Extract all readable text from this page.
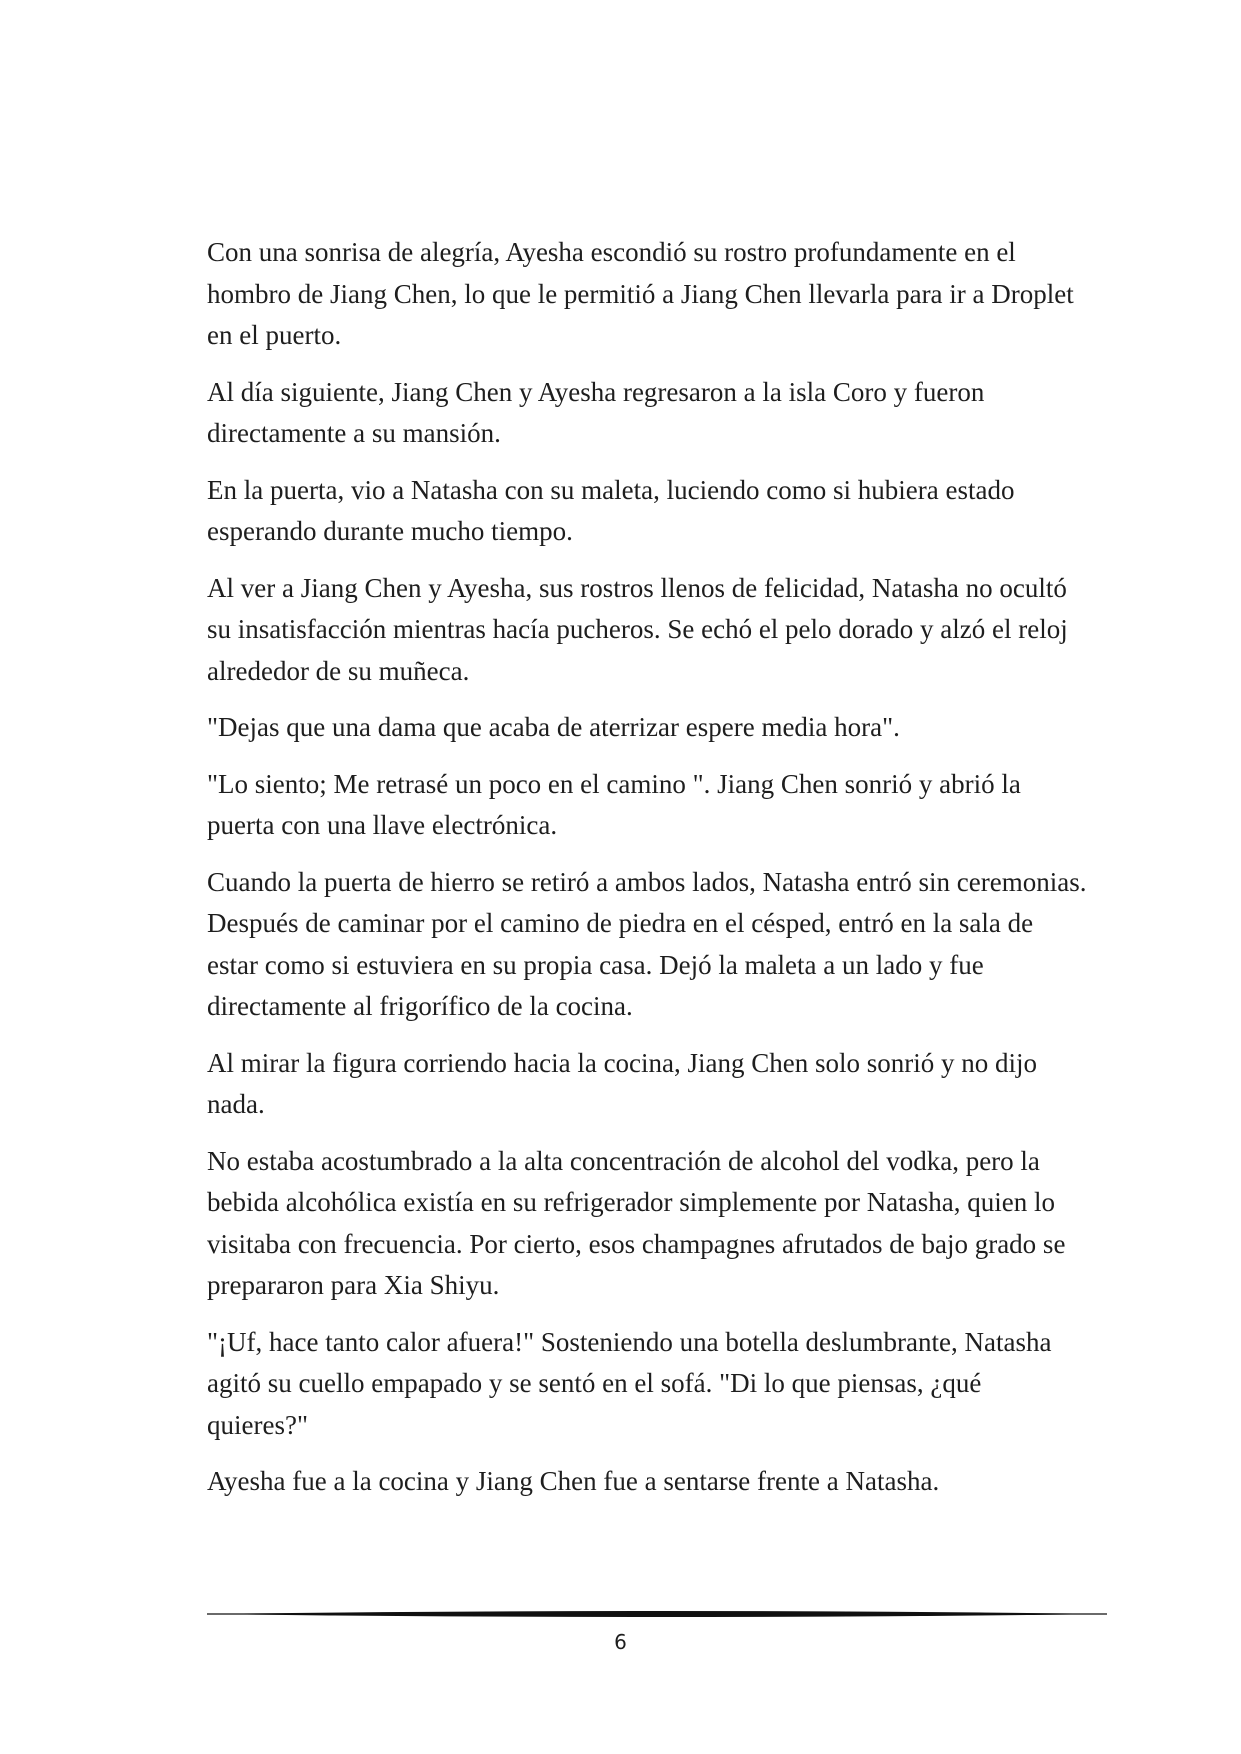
Con una sonrisa de alegría, Ayesha escondió su rostro profundamente en el hombro de Jiang Chen, lo que le permitió a Jiang Chen llevarla para ir a Droplet en el puerto.

Al día siguiente, Jiang Chen y Ayesha regresaron a la isla Coro y fueron directamente a su mansión.

En la puerta, vio a Natasha con su maleta, luciendo como si hubiera estado esperando durante mucho tiempo.

Al ver a Jiang Chen y Ayesha, sus rostros llenos de felicidad, Natasha no ocultó su insatisfacción mientras hacía pucheros. Se echó el pelo dorado y alzó el reloj alrededor de su muñeca.

"Dejas que una dama que acaba de aterrizar espere media hora".

"Lo siento; Me retrasé un poco en el camino ". Jiang Chen sonrió y abrió la puerta con una llave electrónica.

Cuando la puerta de hierro se retiró a ambos lados, Natasha entró sin ceremonias. Después de caminar por el camino de piedra en el césped, entró en la sala de estar como si estuviera en su propia casa. Dejó la maleta a un lado y fue directamente al frigorífico de la cocina.

Al mirar la figura corriendo hacia la cocina, Jiang Chen solo sonrió y no dijo nada.

No estaba acostumbrado a la alta concentración de alcohol del vodka, pero la bebida alcohólica existía en su refrigerador simplemente por Natasha, quien lo visitaba con frecuencia. Por cierto, esos champagnes afrutados de bajo grado se prepararon para Xia Shiyu.

"¡Uf, hace tanto calor afuera!" Sosteniendo una botella deslumbrante, Natasha agitó su cuello empapado y se sentó en el sofá. "Di lo que piensas, ¿qué quieres?"

Ayesha fue a la cocina y Jiang Chen fue a sentarse frente a Natasha.

6
